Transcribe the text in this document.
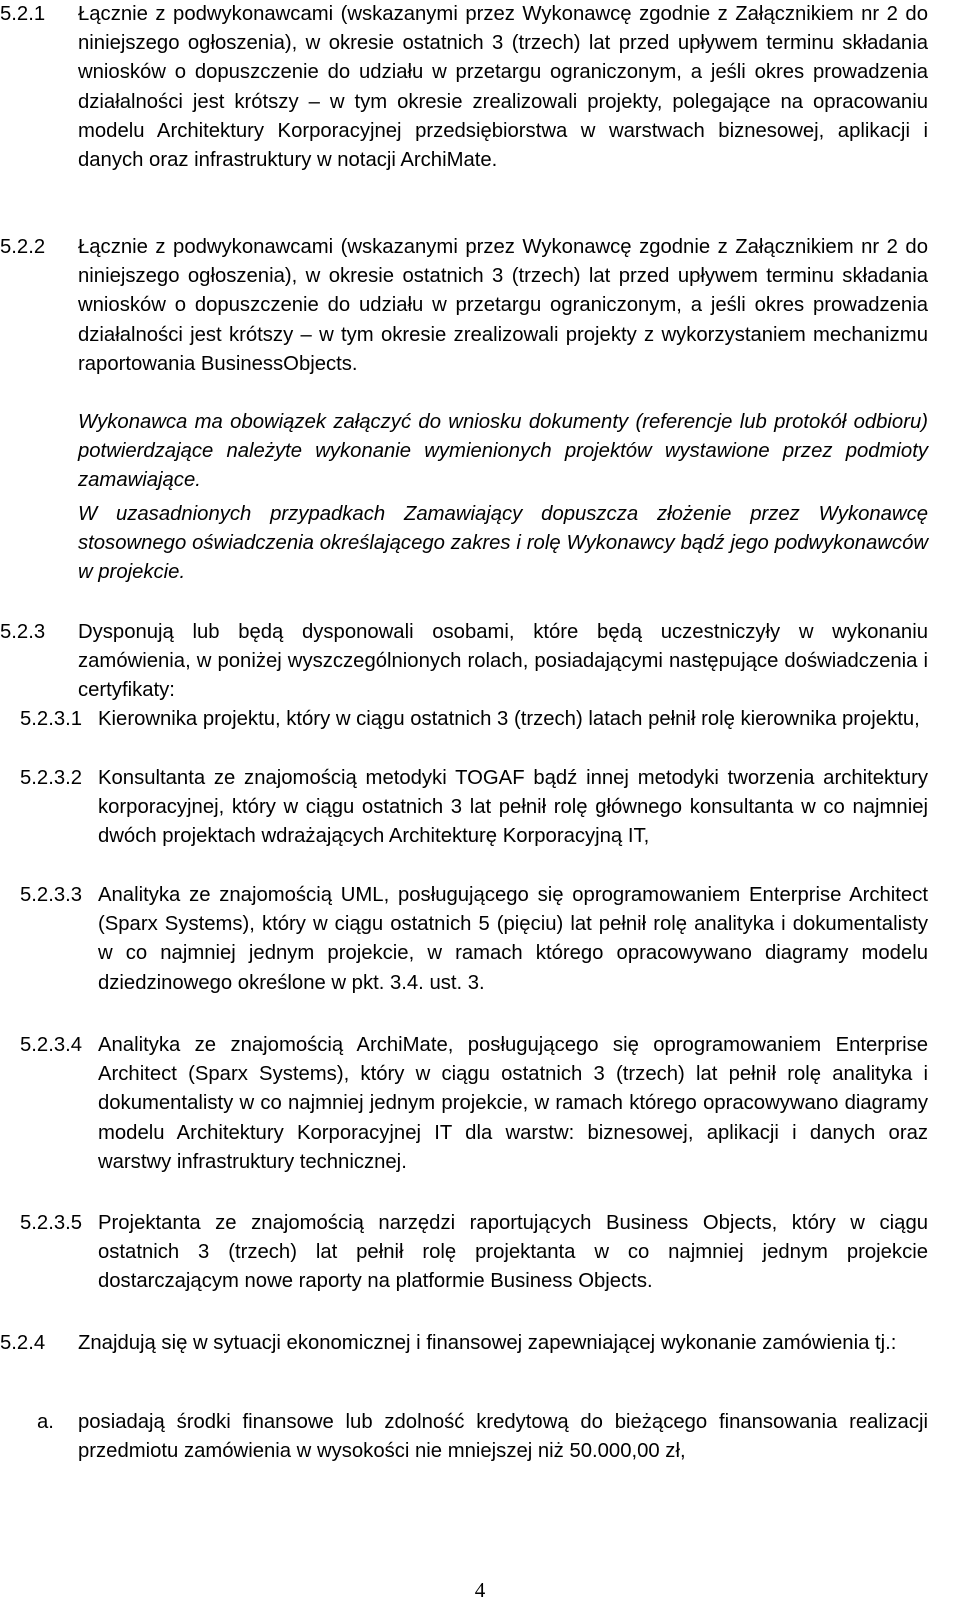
5.2.1	Łącznie z podwykonawcami (wskazanymi przez Wykonawcę zgodnie z Załącznikiem nr 2 do niniejszego ogłoszenia), w okresie ostatnich 3 (trzech) lat przed upływem terminu składania wniosków o dopuszczenie do udziału w przetargu ograniczonym, a jeśli okres prowadzenia działalności jest krótszy – w tym okresie zrealizowali projekty, polegające na opracowaniu modelu Architektury Korporacyjnej przedsiębiorstwa w warstwach biznesowej, aplikacji i danych oraz infrastruktury w notacji ArchiMate.
5.2.2	Łącznie z podwykonawcami (wskazanymi przez Wykonawcę zgodnie z Załącznikiem nr 2 do niniejszego ogłoszenia), w okresie ostatnich 3 (trzech) lat przed upływem terminu składania wniosków o dopuszczenie do udziału w przetargu ograniczonym, a jeśli okres prowadzenia działalności jest krótszy – w tym okresie zrealizowali projekty z wykorzystaniem mechanizmu raportowania BusinessObjects.
Wykonawca ma obowiązek załączyć do wniosku dokumenty (referencje lub protokół odbioru) potwierdzające należyte wykonanie wymienionych projektów wystawione przez podmioty zamawiające.
W uzasadnionych przypadkach Zamawiający dopuszcza złożenie przez Wykonawcę stosownego oświadczenia określającego zakres i rolę Wykonawcy bądź jego podwykonawców w projekcie.
5.2.3	Dysponują lub będą dysponowali osobami, które będą uczestniczyły w wykonaniu zamówienia, w poniżej wyszczególnionych rolach, posiadającymi następujące doświadczenia i certyfikaty:
5.2.3.1 Kierownika projektu, który w ciągu ostatnich 3 (trzech) latach pełnił rolę kierownika projektu,
5.2.3.2 Konsultanta ze znajomością metodyki TOGAF bądź innej metodyki tworzenia architektury korporacyjnej, który w ciągu ostatnich 3 lat pełnił rolę głównego konsultanta w co najmniej dwóch projektach wdrażających Architekturę Korporacyjną IT,
5.2.3.3 Analityka ze znajomością UML, posługującego się oprogramowaniem Enterprise Architect (Sparx Systems), który w ciągu ostatnich 5 (pięciu) lat pełnił rolę analityka i dokumentalisty w co najmniej jednym projekcie, w ramach którego opracowywano diagramy modelu dziedzinowego określone w pkt. 3.4. ust. 3.
5.2.3.4 Analityka ze znajomością ArchiMate, posługującego się oprogramowaniem Enterprise Architect (Sparx Systems), który w ciągu ostatnich 3 (trzech) lat pełnił rolę analityka i dokumentalisty w co najmniej jednym projekcie, w ramach którego opracowywano diagramy modelu Architektury Korporacyjnej IT dla warstw: biznesowej, aplikacji i danych oraz warstwy infrastruktury technicznej.
5.2.3.5 Projektanta ze znajomością narzędzi raportujących Business Objects, który w ciągu ostatnich 3 (trzech) lat pełnił rolę projektanta w co najmniej jednym projekcie dostarczającym nowe raporty na platformie Business Objects.
5.2.4	Znajdują się w sytuacji ekonomicznej i finansowej zapewniającej wykonanie zamówienia tj.:
a.	posiadają środki finansowe lub zdolność kredytową do bieżącego finansowania realizacji przedmiotu zamówienia w wysokości nie mniejszej niż 50.000,00 zł,
4
